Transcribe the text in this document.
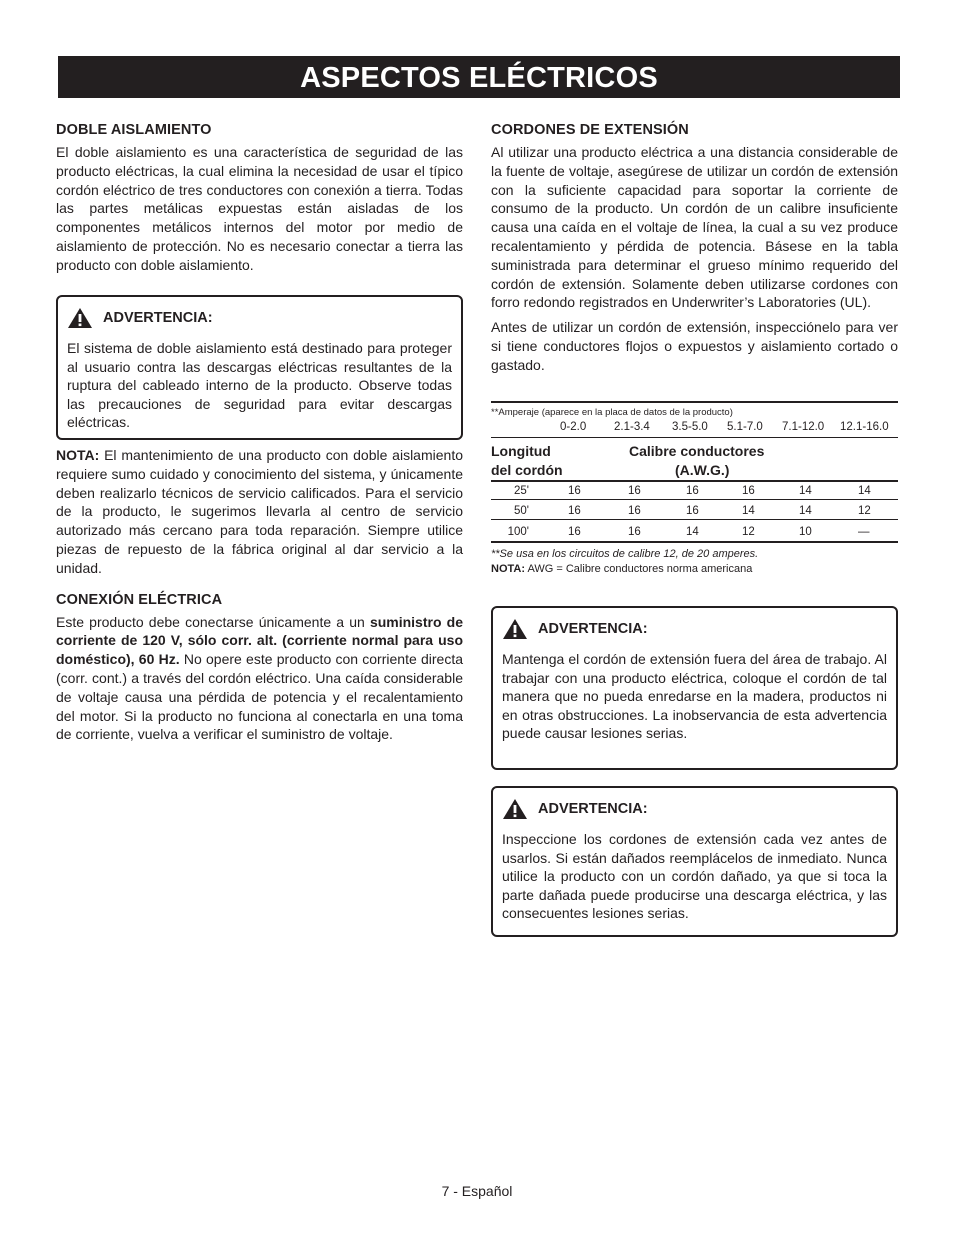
ASPECTOS ELÉCTRICOS
DOBLE AISLAMIENTO

El doble aislamiento es una característica de seguridad de las producto eléctricas, la cual elimina la necesidad de usar el típico cordón eléctrico de tres conductores con conexión a tierra. Todas las partes metálicas expuestas están aisladas de los componentes metálicos internos del motor por medio de aislamiento de protección. No es necesario conectar a tierra las producto con doble aislamiento.

ADVERTENCIA:

El sistema de doble aislamiento está destinado para proteger al usuario contra las descargas eléctricas resultantes de la ruptura del cableado interno de la producto. Observe todas las precauciones de seguridad para evitar descargas eléctricas.

NOTA: El mantenimiento de una producto con doble aislamiento requiere sumo cuidado y conocimiento del sistema, y únicamente deben realizarlo técnicos de servicio calificados. Para el servicio de la producto, le sugerimos llevarla al centro de servicio autorizado más cercano para toda reparación. Siempre utilice piezas de repuesto de la fábrica original al dar servicio a la unidad.

CONEXIÓN ELÉCTRICA

Este producto debe conectarse únicamente a un suministro de corriente de 120 V, sólo corr. alt. (corriente normal para uso doméstico), 60 Hz. No opere este producto con corriente directa (corr. cont.) a través del cordón eléctrico. Una caída considerable de voltaje causa una pérdida de potencia y el recalentamiento del motor. Si la producto no funciona al conectarla en una toma de corriente, vuelva a verificar el suministro de voltaje.

CORDONES DE EXTENSIÓN

Al utilizar una producto eléctrica a una distancia considerable de la fuente de voltaje, asegúrese de utilizar un cordón de extensión con la suficiente capacidad para soportar la corriente de consumo de la producto. Un cordón de un calibre insuficiente causa una caída en el voltaje de línea, la cual a su vez produce recalentamiento y pérdida de potencia. Básese en la tabla suministrada para determinar el grueso mínimo requerido del cordón de extensión. Solamente deben utilizarse cordones con forro redondo registrados en Underwriter’s Laboratories (UL).

Antes de utilizar un cordón de extensión, inspecciónelo para ver si tiene conductores flojos o expuestos y aislamiento cortado o gastado.

**Amperaje (aparece en la placa de datos de la producto)
0-2.0 2.1-3.4 3.5-5.0 5.1-7.0 7.1-12.0 12.1-16.0
Longitud
del cordón
Calibre conductores
(A.W.G.)
25'	16	16	16	16	14	14
50'	16	16	16	14	14	12
100'	16	16	14	12	10	—
**Se usa en los circuitos de calibre 12, de 20 amperes.
NOTA: AWG = Calibre conductores norma americana
ADVERTENCIA:

Mantenga el cordón de extensión fuera del área de trabajo. Al trabajar con una producto eléctrica, coloque el cordón de tal manera que no pueda enredarse en la madera, productos ni en otras obstrucciones. La inobservancia de esta advertencia puede causar lesiones serias.

ADVERTENCIA:

Inspeccione los cordones de extensión cada vez antes de usarlos. Si están dañados reemplácelos de inmediato. Nunca utilice la producto con un cordón dañado, ya que si toca la parte dañada puede producirse una descarga eléctrica, y las consecuentes lesiones serias.

7 - Español
